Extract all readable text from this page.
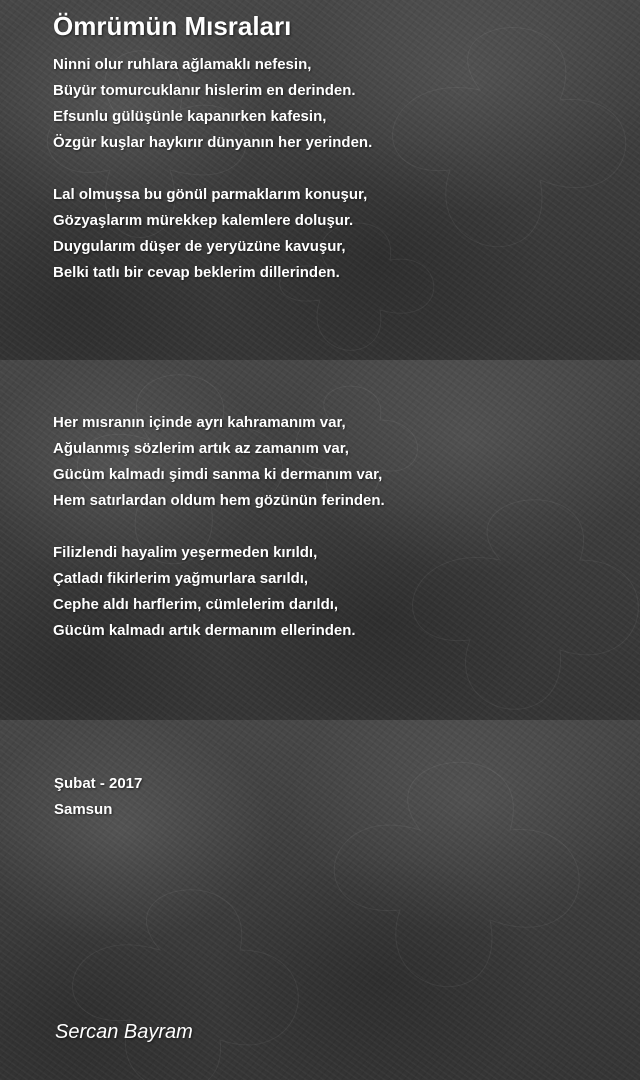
Ömrümün Mısraları
Ninni olur ruhlara ağlamaklı nefesin,
Büyür tomurcuklanır hislerim en derinden.
Efsunlu gülüşünle kapanırken kafesin,
Özgür kuşlar haykırır dünyanın her yerinden.
Lal olmuşsa bu gönül parmaklarım konuşur,
Gözyaşlarım mürekkep kalemlere doluşur.
Duygularım düşer de yeryüzüne kavuşur,
Belki tatlı bir cevap beklerim dillerinden.
Her mısranın içinde ayrı kahramanım var,
Ağulanmış sözlerim artık az zamanım var,
Gücüm kalmadı şimdi sanma ki dermanım var,
Hem satırlardan oldum hem gözünün ferinden.
Filizlendi hayalim yeşermeden kırıldı,
Çatladı fikirlerim yağmurlara sarıldı,
Cephe aldı harflerim, cümlelerim darıldı,
Gücüm kalmadı artık dermanım ellerinden.
Şubat - 2017
Samsun
Sercan Bayram
